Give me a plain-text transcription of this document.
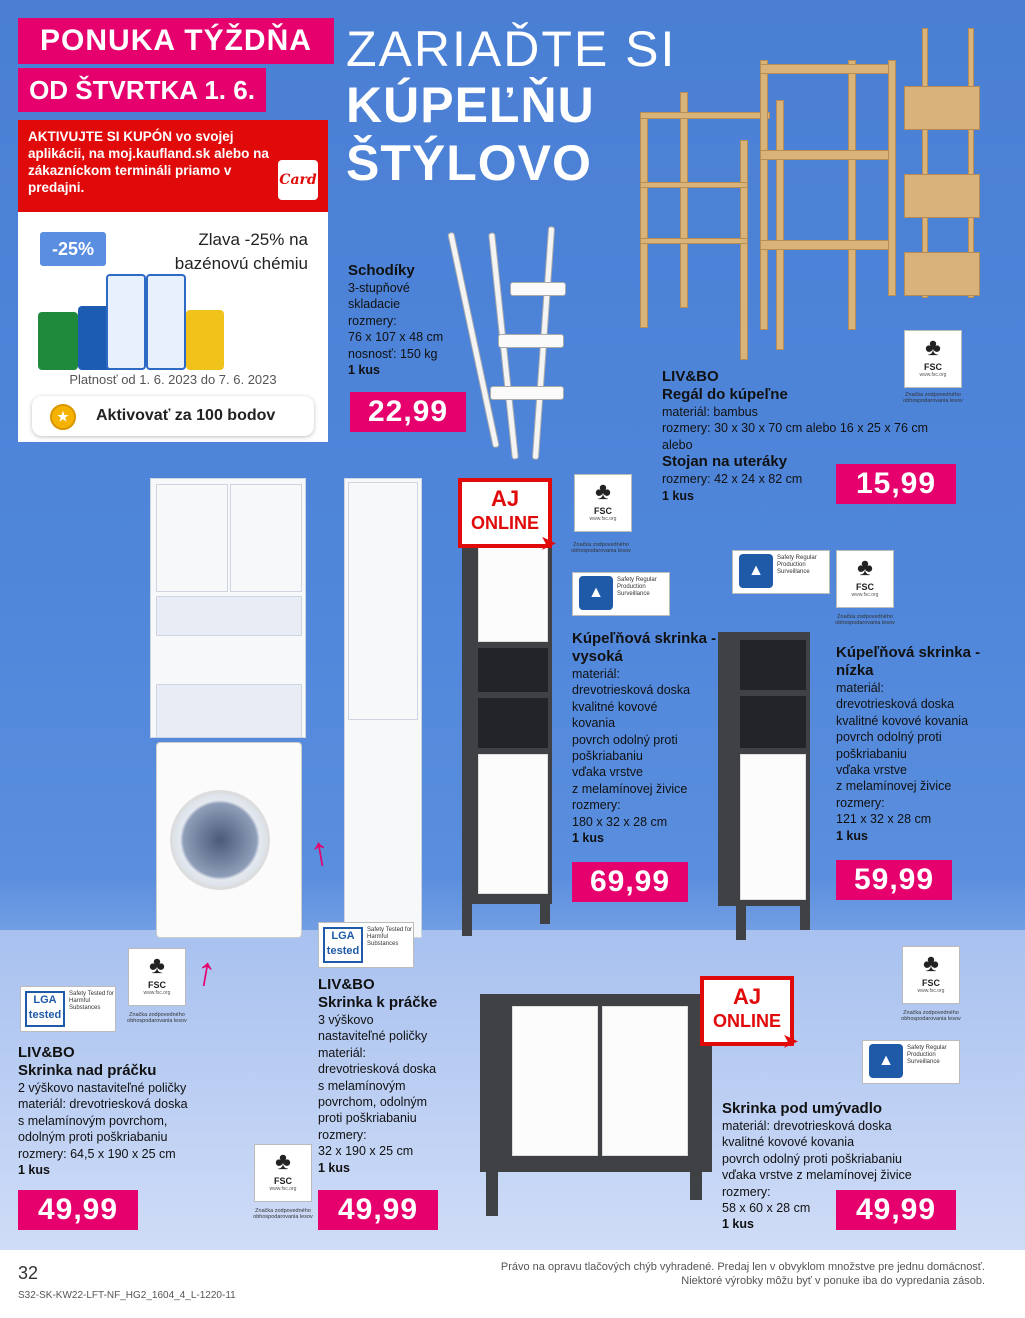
↑
↑
PONUKA TÝŽDŇA
OD ŠTVRTKA 1. 6.
ZARIAĎTE SI
KÚPEĽŇU
ŠTÝLOVO
AKTIVUJTE SI KUPÓN vo svojej aplikácii, na moj.kaufland.sk alebo na zákazníckom termináli priamo v predajni.	Card
-25%	Zlava -25% na bazénovú chémiu
Platnosť od 1. 6. 2023 do 7. 6. 2023
★	Aktivovať za 100 bodov
Schodíky
3-stupňové
skladacie
rozmery:
76 x 107 x 48 cm
nosnosť: 150 kg
1 kus
22,99
LIV&BO
Regál do kúpeľne
materiál: bambus
rozmery: 30 x 30 x 70 cm alebo 16 x 25 x 76 cm
alebo
Stojan na uteráky
rozmery: 42 x 24 x 82 cm
1 kus	15,99
♣
FSC
www.fsc.org
Značka zodpovedného obhospodarovania lesov
AJ
ONLINE
➤
♣
FSC
www.fsc.org
Značka zodpovedného obhospodarovania lesov
▲
Safety Regular Production Surveillance
Kúpeľňová skrinka - vysoká
materiál:
drevotriesková doska
kvalitné kovové
kovania
povrch odolný proti
poškriabaniu
vďaka vrstve
z melamínovej živice
rozmery:
180 x 32 x 28 cm
1 kus
69,99
▲
Safety Regular Production Surveillance	♣
FSC
www.fsc.org
Značka zodpovedného obhospodarovania lesov
Kúpeľňová skrinka - nízka
materiál:
drevotriesková doska
kvalitné kovové kovania
povrch odolný proti
poškriabaniu
vďaka vrstve
z melamínovej živice
rozmery:
121 x 32 x 28 cm
1 kus
59,99
LGA tested
Safety Tested for Harmful Substances
♣
FSC
www.fsc.org
Značka zodpovedného obhospodarovania lesov
LIV&BO
Skrinka nad práčku
2 výškovo nastaviteľné poličky
materiál: drevotriesková doska
s melamínovým povrchom,
odolným proti poškriabaniu
rozmery: 64,5 x 190 x 25 cm
1 kus
49,99
LGA tested
Safety Tested for Harmful Substances
LIV&BO
Skrinka k práčke
3 výškovo
nastaviteľné poličky
materiál:
drevotriesková doska
s melamínovým
povrchom, odolným
proti poškriabaniu
rozmery:
32 x 190 x 25 cm
1 kus
♣
FSC
www.fsc.org
Značka zodpovedného obhospodarovania lesov 49,99
AJ
ONLINE
➤
♣
FSC
www.fsc.org
Značka zodpovedného obhospodarovania lesov
▲
Safety Regular Production Surveillance
Skrinka pod umývadlo
materiál: drevotriesková doska
kvalitné kovové kovania
povrch odolný proti poškriabaniu
vďaka vrstve z melamínovej živice
rozmery:
58 x 60 x 28 cm
1 kus	49,99
32
S32-SK-KW22-LFT-NF_HG2_1604_4_L-1220-11
Právo na opravu tlačových chýb vyhradené. Predaj len v obvyklom množstve pre jednu domácnosť.
Niektoré výrobky môžu byť v ponuke iba do vypredania zásob.
